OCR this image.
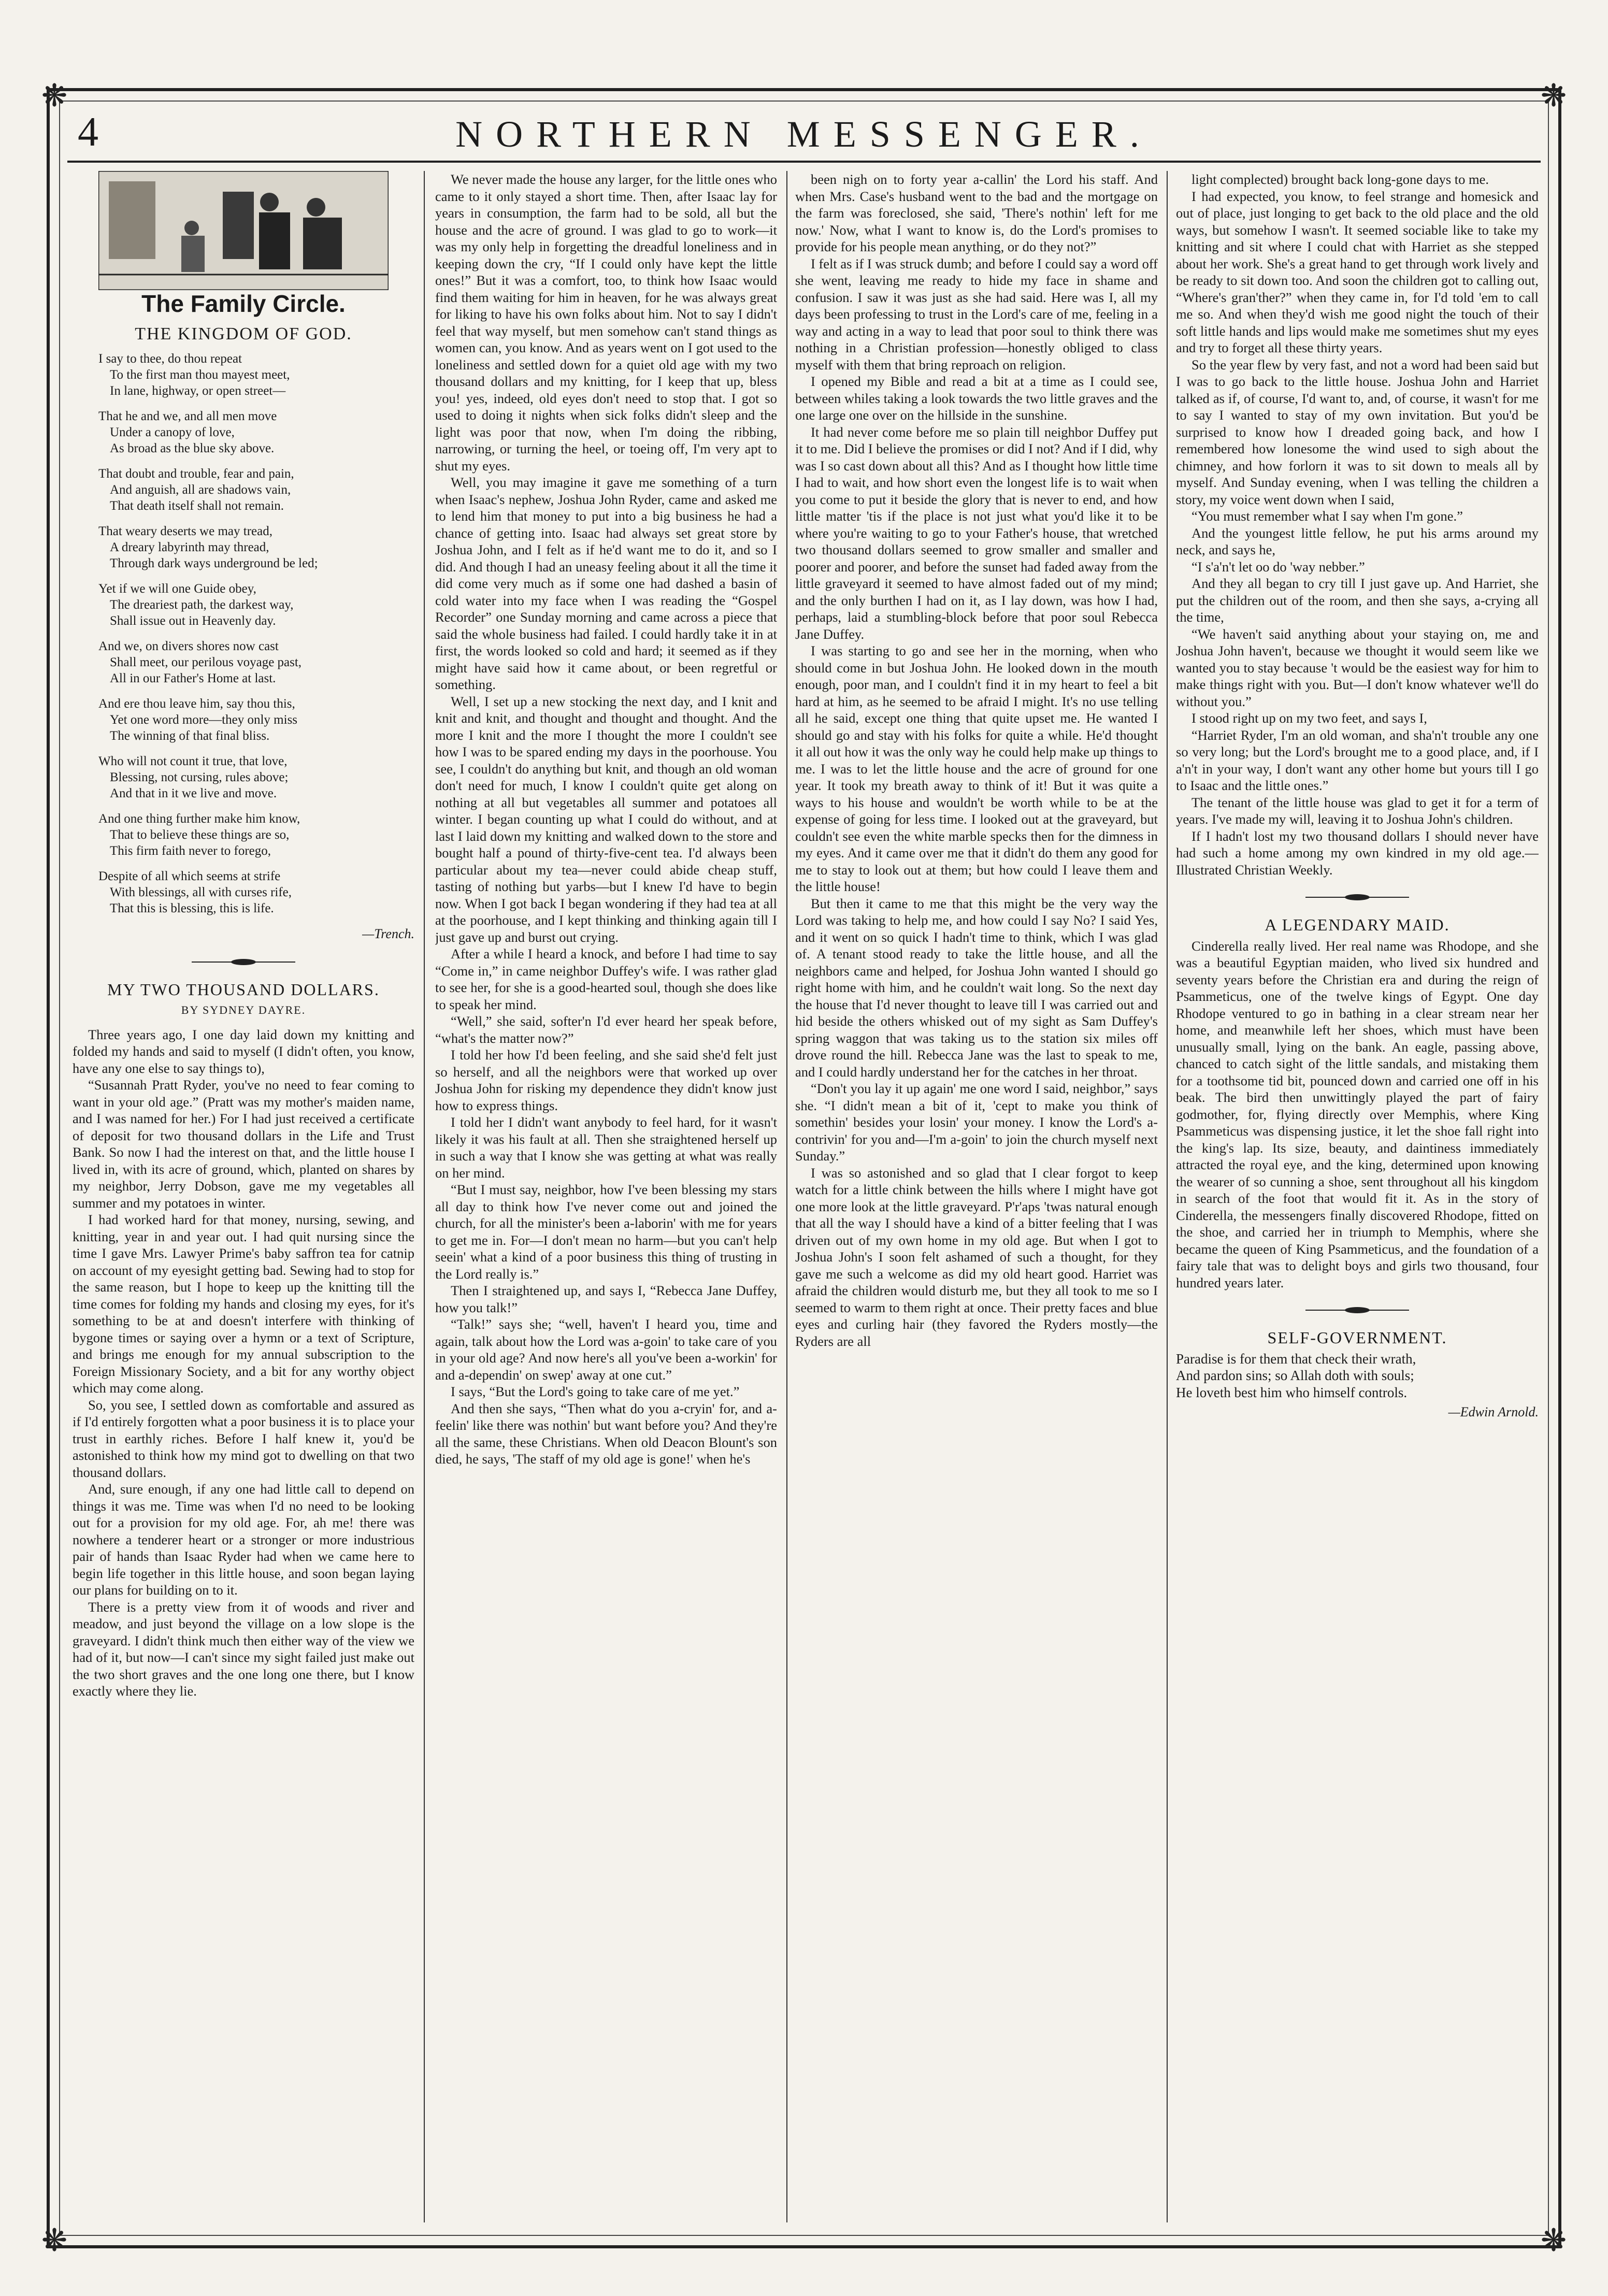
❋	❋
❋	❋
4	NORTHERN MESSENGER.
The Family Circle.
THE KINGDOM OF GOD.
I say to thee, do thou repeat
To the first man thou mayest meet,
In lane, highway, or open street—
That he and we, and all men move
Under a canopy of love,
As broad as the blue sky above.
That doubt and trouble, fear and pain,
And anguish, all are shadows vain,
That death itself shall not remain.
That weary deserts we may tread,
A dreary labyrinth may thread,
Through dark ways underground be led;
Yet if we will one Guide obey,
The dreariest path, the darkest way,
Shall issue out in Heavenly day.
And we, on divers shores now cast
Shall meet, our perilous voyage past,
All in our Father's Home at last.
And ere thou leave him, say thou this,
Yet one word more—they only miss
The winning of that final bliss.
Who will not count it true, that love,
Blessing, not cursing, rules above;
And that in it we live and move.
And one thing further make him know,
That to believe these things are so,
This firm faith never to forego,
Despite of all which seems at strife
With blessings, all with curses rife,
That this is blessing, this is life.
—Trench.
MY TWO THOUSAND DOLLARS.
BY SYDNEY DAYRE.

Three years ago, I one day laid down my knitting and folded my hands and said to myself (I didn't often, you know, have any one else to say things to),

“Susannah Pratt Ryder, you've no need to fear coming to want in your old age.” (Pratt was my mother's maiden name, and I was named for her.) For I had just received a certificate of deposit for two thousand dollars in the Life and Trust Bank. So now I had the interest on that, and the little house I lived in, with its acre of ground, which, planted on shares by my neighbor, Jerry Dobson, gave me my vegetables all summer and my potatoes in winter.

I had worked hard for that money, nursing, sewing, and knitting, year in and year out. I had quit nursing since the time I gave Mrs. Lawyer Prime's baby saffron tea for catnip on account of my eyesight getting bad. Sewing had to stop for the same reason, but I hope to keep up the knitting till the time comes for folding my hands and closing my eyes, for it's something to be at and doesn't interfere with thinking of bygone times or saying over a hymn or a text of Scripture, and brings me enough for my annual subscription to the Foreign Missionary Society, and a bit for any worthy object which may come along.

So, you see, I settled down as comfortable and assured as if I'd entirely forgotten what a poor business it is to place your trust in earthly riches. Before I half knew it, you'd be astonished to think how my mind got to dwelling on that two thousand dollars.

And, sure enough, if any one had little call to depend on things it was me. Time was when I'd no need to be looking out for a provision for my old age. For, ah me! there was nowhere a tenderer heart or a stronger or more industrious pair of hands than Isaac Ryder had when we came here to begin life together in this little house, and soon began laying our plans for building on to it.

There is a pretty view from it of woods and river and meadow, and just beyond the village on a low slope is the graveyard. I didn't think much then either way of the view we had of it, but now—I can't since my sight failed just make out the two short graves and the one long one there, but I know exactly where they lie.

We never made the house any larger, for the little ones who came to it only stayed a short time. Then, after Isaac lay for years in consumption, the farm had to be sold, all but the house and the acre of ground. I was glad to go to work—it was my only help in forgetting the dreadful loneliness and in keeping down the cry, “If I could only have kept the little ones!” But it was a comfort, too, to think how Isaac would find them waiting for him in heaven, for he was always great for liking to have his own folks about him. Not to say I didn't feel that way myself, but men somehow can't stand things as women can, you know. And as years went on I got used to the loneliness and settled down for a quiet old age with my two thousand dollars and my knitting, for I keep that up, bless you! yes, indeed, old eyes don't need to stop that. I got so used to doing it nights when sick folks didn't sleep and the light was poor that now, when I'm doing the ribbing, narrowing, or turning the heel, or toeing off, I'm very apt to shut my eyes.

Well, you may imagine it gave me something of a turn when Isaac's nephew, Joshua John Ryder, came and asked me to lend him that money to put into a big business he had a chance of getting into. Isaac had always set great store by Joshua John, and I felt as if he'd want me to do it, and so I did. And though I had an uneasy feeling about it all the time it did come very much as if some one had dashed a basin of cold water into my face when I was reading the “Gospel Recorder” one Sunday morning and came across a piece that said the whole business had failed. I could hardly take it in at first, the words looked so cold and hard; it seemed as if they might have said how it came about, or been regretful or something.

Well, I set up a new stocking the next day, and I knit and knit and knit, and thought and thought and thought. And the more I knit and the more I thought the more I couldn't see how I was to be spared ending my days in the poorhouse. You see, I couldn't do anything but knit, and though an old woman don't need for much, I know I couldn't quite get along on nothing at all but vegetables all summer and potatoes all winter. I began counting up what I could do without, and at last I laid down my knitting and walked down to the store and bought half a pound of thirty-five-cent tea. I'd always been particular about my tea—never could abide cheap stuff, tasting of nothing but yarbs—but I knew I'd have to begin now. When I got back I began wondering if they had tea at all at the poorhouse, and I kept thinking and thinking again till I just gave up and burst out crying.

After a while I heard a knock, and before I had time to say “Come in,” in came neighbor Duffey's wife. I was rather glad to see her, for she is a good-hearted soul, though she does like to speak her mind.

“Well,” she said, softer'n I'd ever heard her speak before, “what's the matter now?”

I told her how I'd been feeling, and she said she'd felt just so herself, and all the neighbors were that worked up over Joshua John for risking my dependence they didn't know just how to express things.

I told her I didn't want anybody to feel hard, for it wasn't likely it was his fault at all. Then she straightened herself up in such a way that I know she was getting at what was really on her mind.

“But I must say, neighbor, how I've been blessing my stars all day to think how I've never come out and joined the church, for all the minister's been a-laborin' with me for years to get me in. For—I don't mean no harm—but you can't help seein' what a kind of a poor business this thing of trusting in the Lord really is.”

Then I straightened up, and says I, “Rebecca Jane Duffey, how you talk!”

“Talk!” says she; “well, haven't I heard you, time and again, talk about how the Lord was a-goin' to take care of you in your old age? And now here's all you've been a-workin' for and a-dependin' on swep' away at one cut.”

I says, “But the Lord's going to take care of me yet.”

And then she says, “Then what do you a-cryin' for, and a-feelin' like there was nothin' but want before you? And they're all the same, these Christians. When old Deacon Blount's son died, he says, 'The staff of my old age is gone!' when he's

been nigh on to forty year a-callin' the Lord his staff. And when Mrs. Case's husband went to the bad and the mortgage on the farm was foreclosed, she said, 'There's nothin' left for me now.' Now, what I want to know is, do the Lord's promises to provide for his people mean anything, or do they not?”

I felt as if I was struck dumb; and before I could say a word off she went, leaving me ready to hide my face in shame and confusion. I saw it was just as she had said. Here was I, all my days been professing to trust in the Lord's care of me, feeling in a way and acting in a way to lead that poor soul to think there was nothing in a Christian profession—honestly obliged to class myself with them that bring reproach on religion.

I opened my Bible and read a bit at a time as I could see, between whiles taking a look towards the two little graves and the one large one over on the hillside in the sunshine.

It had never come before me so plain till neighbor Duffey put it to me. Did I believe the promises or did I not? And if I did, why was I so cast down about all this? And as I thought how little time I had to wait, and how short even the longest life is to wait when you come to put it beside the glory that is never to end, and how little matter 'tis if the place is not just what you'd like it to be where you're waiting to go to your Father's house, that wretched two thousand dollars seemed to grow smaller and smaller and poorer and poorer, and before the sunset had faded away from the little graveyard it seemed to have almost faded out of my mind; and the only burthen I had on it, as I lay down, was how I had, perhaps, laid a stumbling-block before that poor soul Rebecca Jane Duffey.

I was starting to go and see her in the morning, when who should come in but Joshua John. He looked down in the mouth enough, poor man, and I couldn't find it in my heart to feel a bit hard at him, as he seemed to be afraid I might. It's no use telling all he said, except one thing that quite upset me. He wanted I should go and stay with his folks for quite a while. He'd thought it all out how it was the only way he could help make up things to me. I was to let the little house and the acre of ground for one year. It took my breath away to think of it! But it was quite a ways to his house and wouldn't be worth while to be at the expense of going for less time. I looked out at the graveyard, but couldn't see even the white marble specks then for the dimness in my eyes. And it came over me that it didn't do them any good for me to stay to look out at them; but how could I leave them and the little house!

But then it came to me that this might be the very way the Lord was taking to help me, and how could I say No? I said Yes, and it went on so quick I hadn't time to think, which I was glad of. A tenant stood ready to take the little house, and all the neighbors came and helped, for Joshua John wanted I should go right home with him, and he couldn't wait long. So the next day the house that I'd never thought to leave till I was carried out and hid beside the others whisked out of my sight as Sam Duffey's spring waggon that was taking us to the station six miles off drove round the hill. Rebecca Jane was the last to speak to me, and I could hardly understand her for the catches in her throat.

“Don't you lay it up again' me one word I said, neighbor,” says she. “I didn't mean a bit of it, 'cept to make you think of somethin' besides your losin' your money. I know the Lord's a-contrivin' for you and—I'm a-goin' to join the church myself next Sunday.”

I was so astonished and so glad that I clear forgot to keep watch for a little chink between the hills where I might have got one more look at the little graveyard. P'r'aps 'twas natural enough that all the way I should have a kind of a bitter feeling that I was driven out of my own home in my old age. But when I got to Joshua John's I soon felt ashamed of such a thought, for they gave me such a welcome as did my old heart good. Harriet was afraid the children would disturb me, but they all took to me so I seemed to warm to them right at once. Their pretty faces and blue eyes and curling hair (they favored the Ryders mostly—the Ryders are all

light complected) brought back long-gone days to me.

I had expected, you know, to feel strange and homesick and out of place, just longing to get back to the old place and the old ways, but somehow I wasn't. It seemed sociable like to take my knitting and sit where I could chat with Harriet as she stepped about her work. She's a great hand to get through work lively and be ready to sit down too. And soon the children got to calling out, “Where's gran'ther?” when they came in, for I'd told 'em to call me so. And when they'd wish me good night the touch of their soft little hands and lips would make me sometimes shut my eyes and try to forget all these thirty years.

So the year flew by very fast, and not a word had been said but I was to go back to the little house. Joshua John and Harriet talked as if, of course, I'd want to, and, of course, it wasn't for me to say I wanted to stay of my own invitation. But you'd be surprised to know how I dreaded going back, and how I remembered how lonesome the wind used to sigh about the chimney, and how forlorn it was to sit down to meals all by myself. And Sunday evening, when I was telling the children a story, my voice went down when I said,

“You must remember what I say when I'm gone.”

And the youngest little fellow, he put his arms around my neck, and says he,

“I s'a'n't let oo do 'way nebber.”

And they all began to cry till I just gave up. And Harriet, she put the children out of the room, and then she says, a-crying all the time,

“We haven't said anything about your staying on, me and Joshua John haven't, because we thought it would seem like we wanted you to stay because 't would be the easiest way for him to make things right with you. But—I don't know whatever we'll do without you.”

I stood right up on my two feet, and says I,

“Harriet Ryder, I'm an old woman, and sha'n't trouble any one so very long; but the Lord's brought me to a good place, and, if I a'n't in your way, I don't want any other home but yours till I go to Isaac and the little ones.”

The tenant of the little house was glad to get it for a term of years. I've made my will, leaving it to Joshua John's children.

If I hadn't lost my two thousand dollars I should never have had such a home among my own kindred in my old age.—Illustrated Christian Weekly.

A LEGENDARY MAID.

Cinderella really lived. Her real name was Rhodope, and she was a beautiful Egyptian maiden, who lived six hundred and seventy years before the Christian era and during the reign of Psammeticus, one of the twelve kings of Egypt. One day Rhodope ventured to go in bathing in a clear stream near her home, and meanwhile left her shoes, which must have been unusually small, lying on the bank. An eagle, passing above, chanced to catch sight of the little sandals, and mistaking them for a toothsome tid bit, pounced down and carried one off in his beak. The bird then unwittingly played the part of fairy godmother, for, flying directly over Memphis, where King Psammeticus was dispensing justice, it let the shoe fall right into the king's lap. Its size, beauty, and daintiness immediately attracted the royal eye, and the king, determined upon knowing the wearer of so cunning a shoe, sent throughout all his kingdom in search of the foot that would fit it. As in the story of Cinderella, the messengers finally discovered Rhodope, fitted on the shoe, and carried her in triumph to Memphis, where she became the queen of King Psammeticus, and the foundation of a fairy tale that was to delight boys and girls two thousand, four hundred years later.

SELF-GOVERNMENT.

Paradise is for them that check their wrath,

And pardon sins; so Allah doth with souls;

He loveth best him who himself controls.

—Edwin Arnold.
